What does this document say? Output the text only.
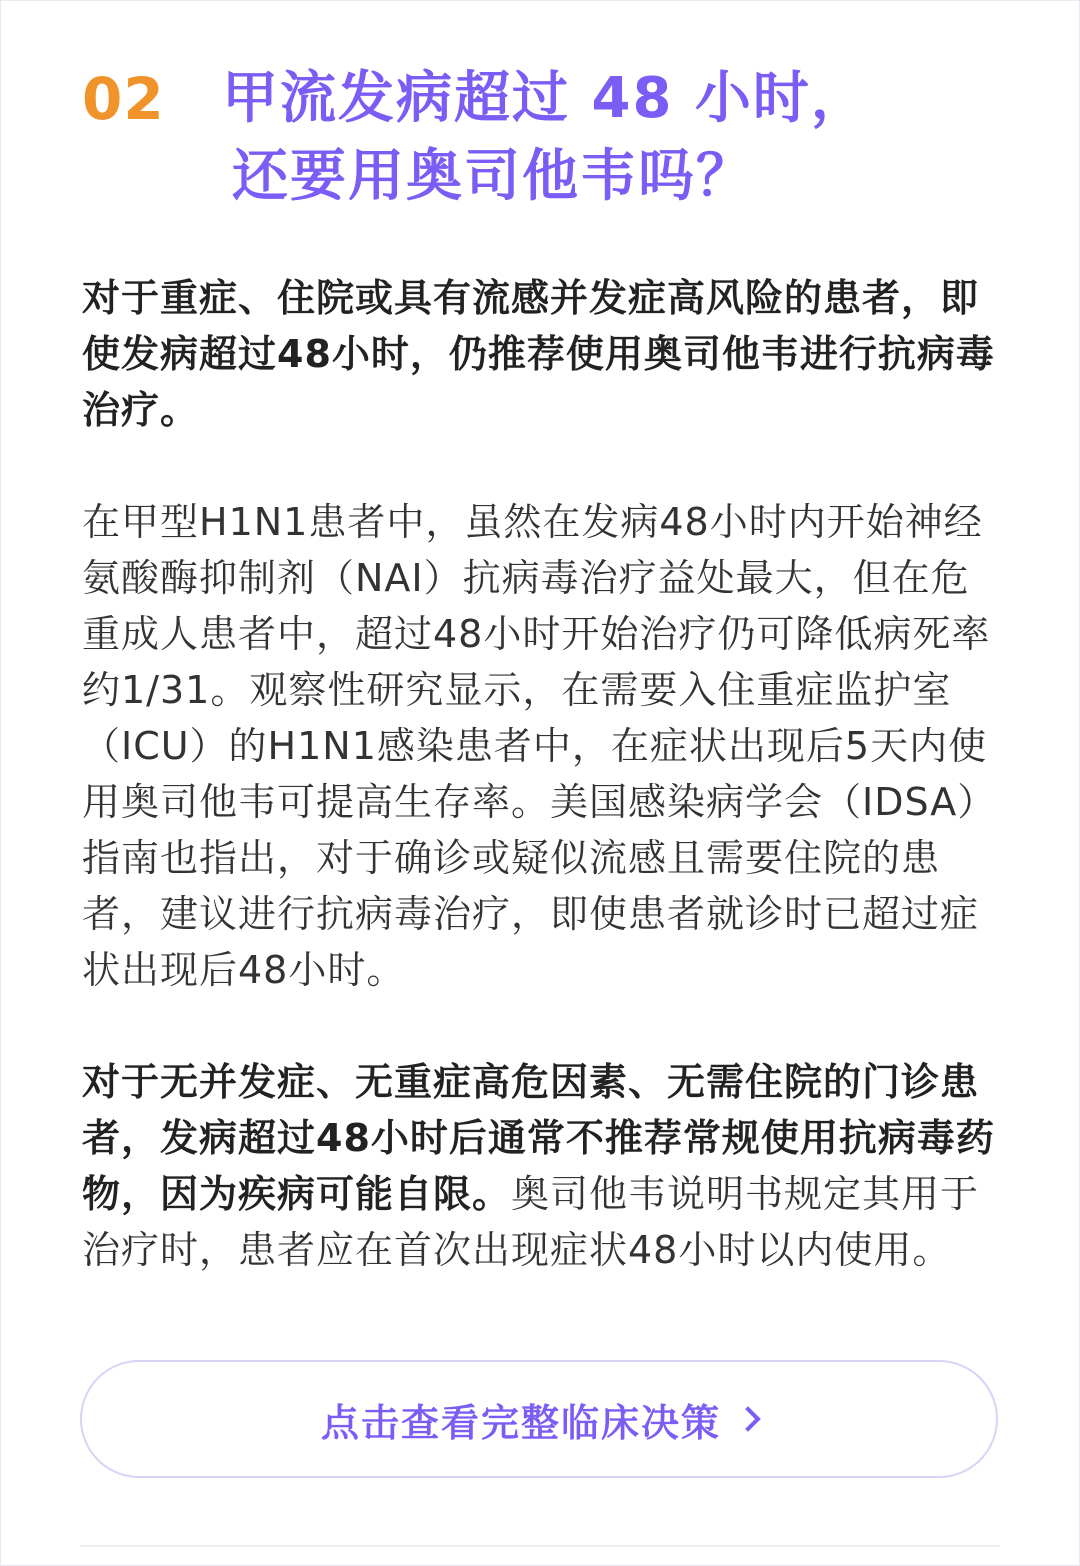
02	甲流发病超过 48 小时，
还要用奥司他韦吗？

对于重症、住院或具有流感并发症高风险的患者，即使发病超过48小时，仍推荐使用奥司他韦进行抗病毒治疗。

在甲型H1N1患者中，虽然在发病48小时内开始神经氨酸酶抑制剂（NAI）抗病毒治疗益处最大，但在危重成人患者中，超过48小时开始治疗仍可降低病死率约1/31。观察性研究显示，在需要入住重症监护室（ICU）的H1N1感染患者中，在症状出现后5天内使用奥司他韦可提高生存率。美国感染病学会（IDSA）指南也指出，对于确诊或疑似流感且需要住院的患者，建议进行抗病毒治疗，即使患者就诊时已超过症状出现后48小时。

对于无并发症、无重症高危因素、无需住院的门诊患者，发病超过48小时后通常不推荐常规使用抗病毒药物，因为疾病可能自限。奥司他韦说明书规定其用于治疗时，患者应在首次出现症状48小时以内使用。

点击查看完整临床决策
